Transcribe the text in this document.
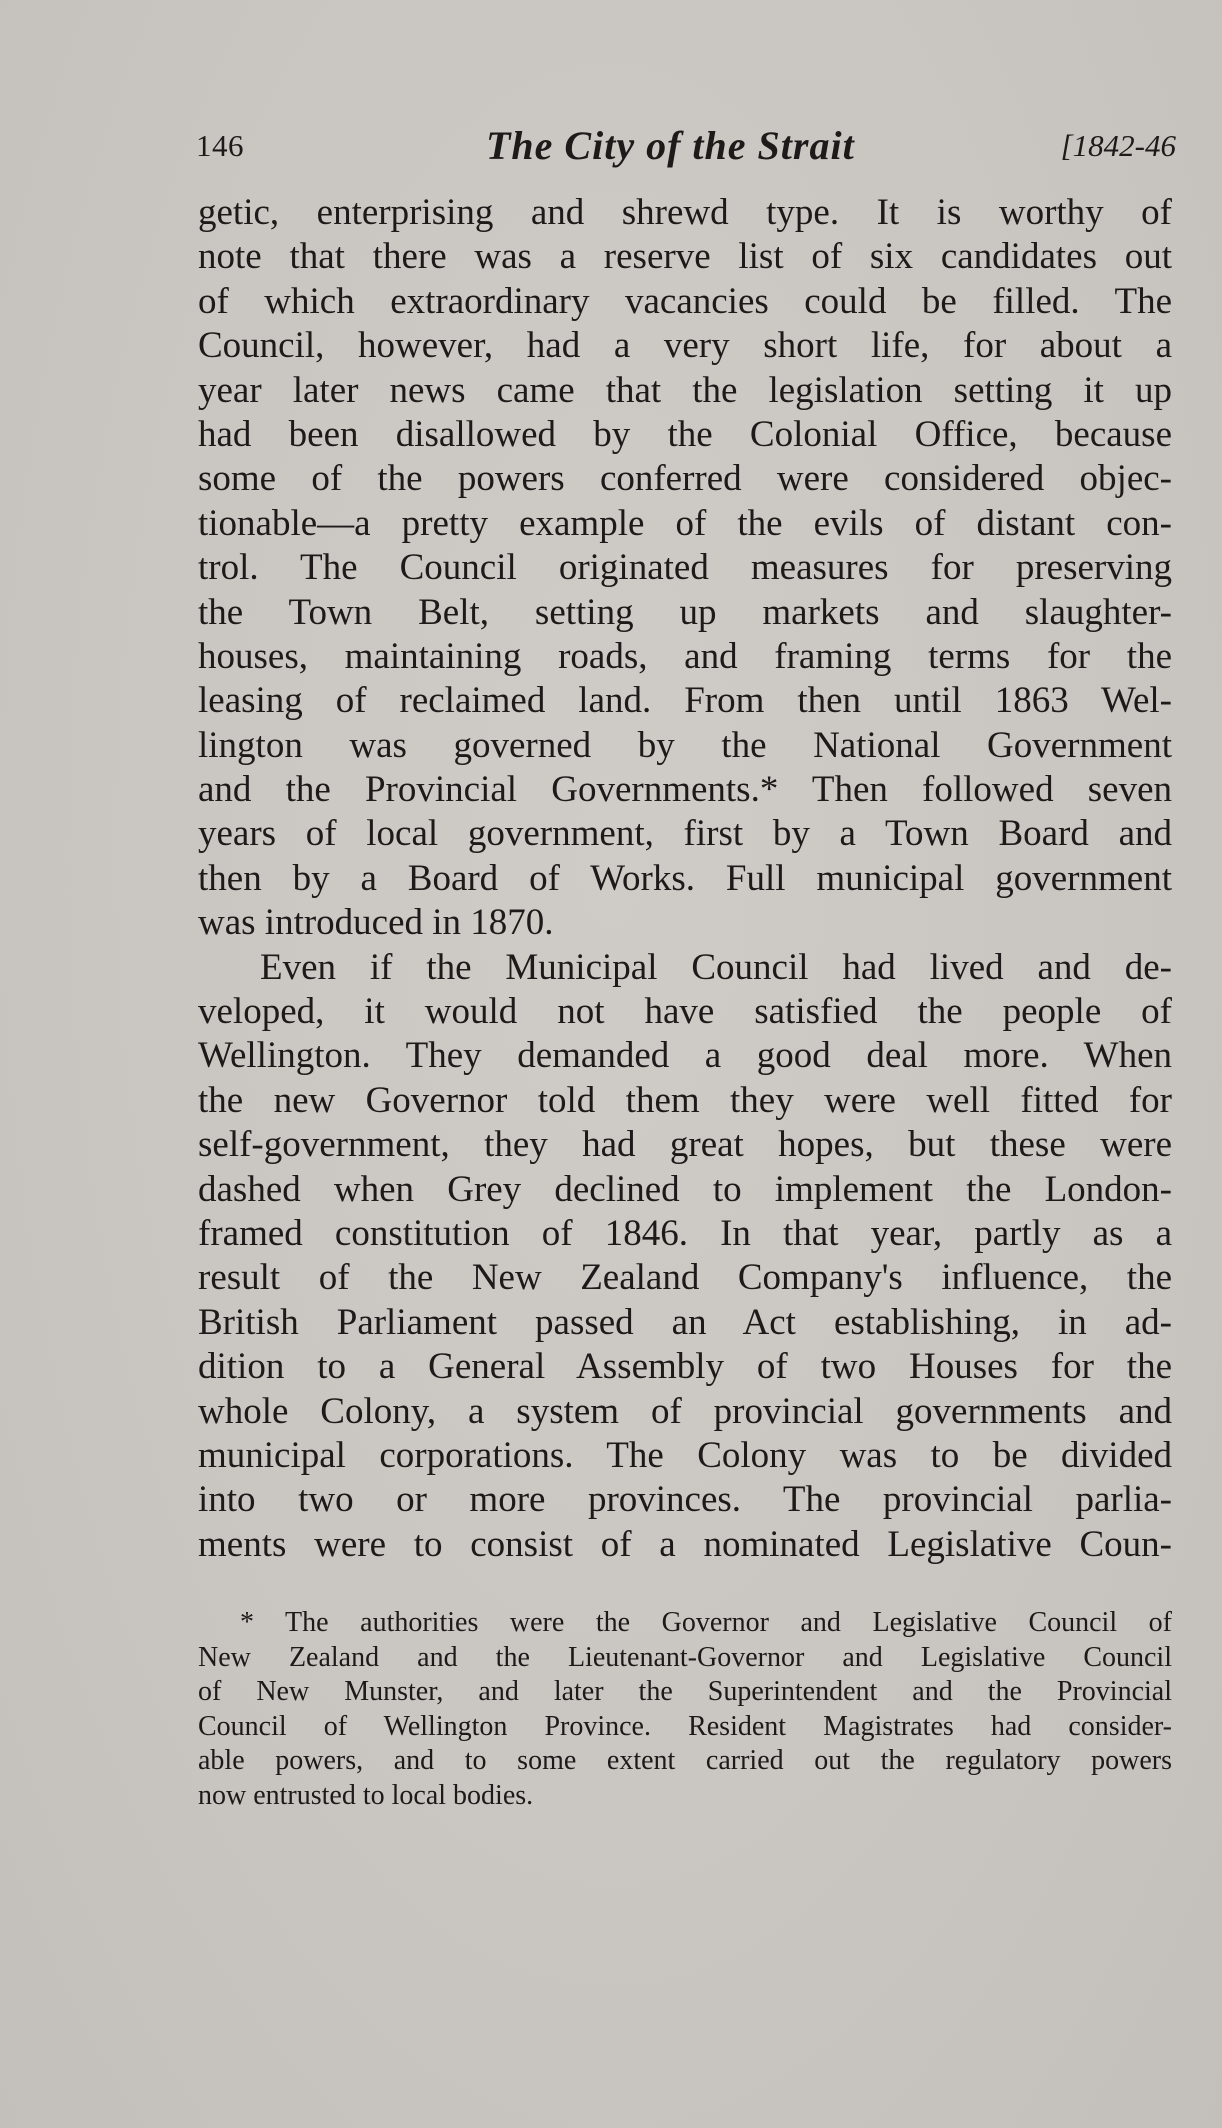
146	The City of the Strait	[1842-46
getic, enterprising and shrewd type. It is worthy of
note that there was a reserve list of six candidates out
of which extraordinary vacancies could be filled. The
Council, however, had a very short life, for about a
year later news came that the legislation setting it up
had been disallowed by the Colonial Office, because
some of the powers conferred were considered objec-
tionable—a pretty example of the evils of distant con-
trol. The Council originated measures for preserving
the Town Belt, setting up markets and slaughter-
houses, maintaining roads, and framing terms for the
leasing of reclaimed land. From then until 1863 Wel-
lington was governed by the National Government
and the Provincial Governments.* Then followed seven
years of local government, first by a Town Board and
then by a Board of Works. Full municipal government
was introduced in 1870.
Even if the Municipal Council had lived and de-
veloped, it would not have satisfied the people of
Wellington. They demanded a good deal more. When
the new Governor told them they were well fitted for
self-government, they had great hopes, but these were
dashed when Grey declined to implement the London-
framed constitution of 1846. In that year, partly as a
result of the New Zealand Company's influence, the
British Parliament passed an Act establishing, in ad-
dition to a General Assembly of two Houses for the
whole Colony, a system of provincial governments and
municipal corporations. The Colony was to be divided
into two or more provinces. The provincial parlia-
ments were to consist of a nominated Legislative Coun-
* The authorities were the Governor and Legislative Council of
New Zealand and the Lieutenant-Governor and Legislative Council
of New Munster, and later the Superintendent and the Provincial
Council of Wellington Province. Resident Magistrates had consider-
able powers, and to some extent carried out the regulatory powers
now entrusted to local bodies.
